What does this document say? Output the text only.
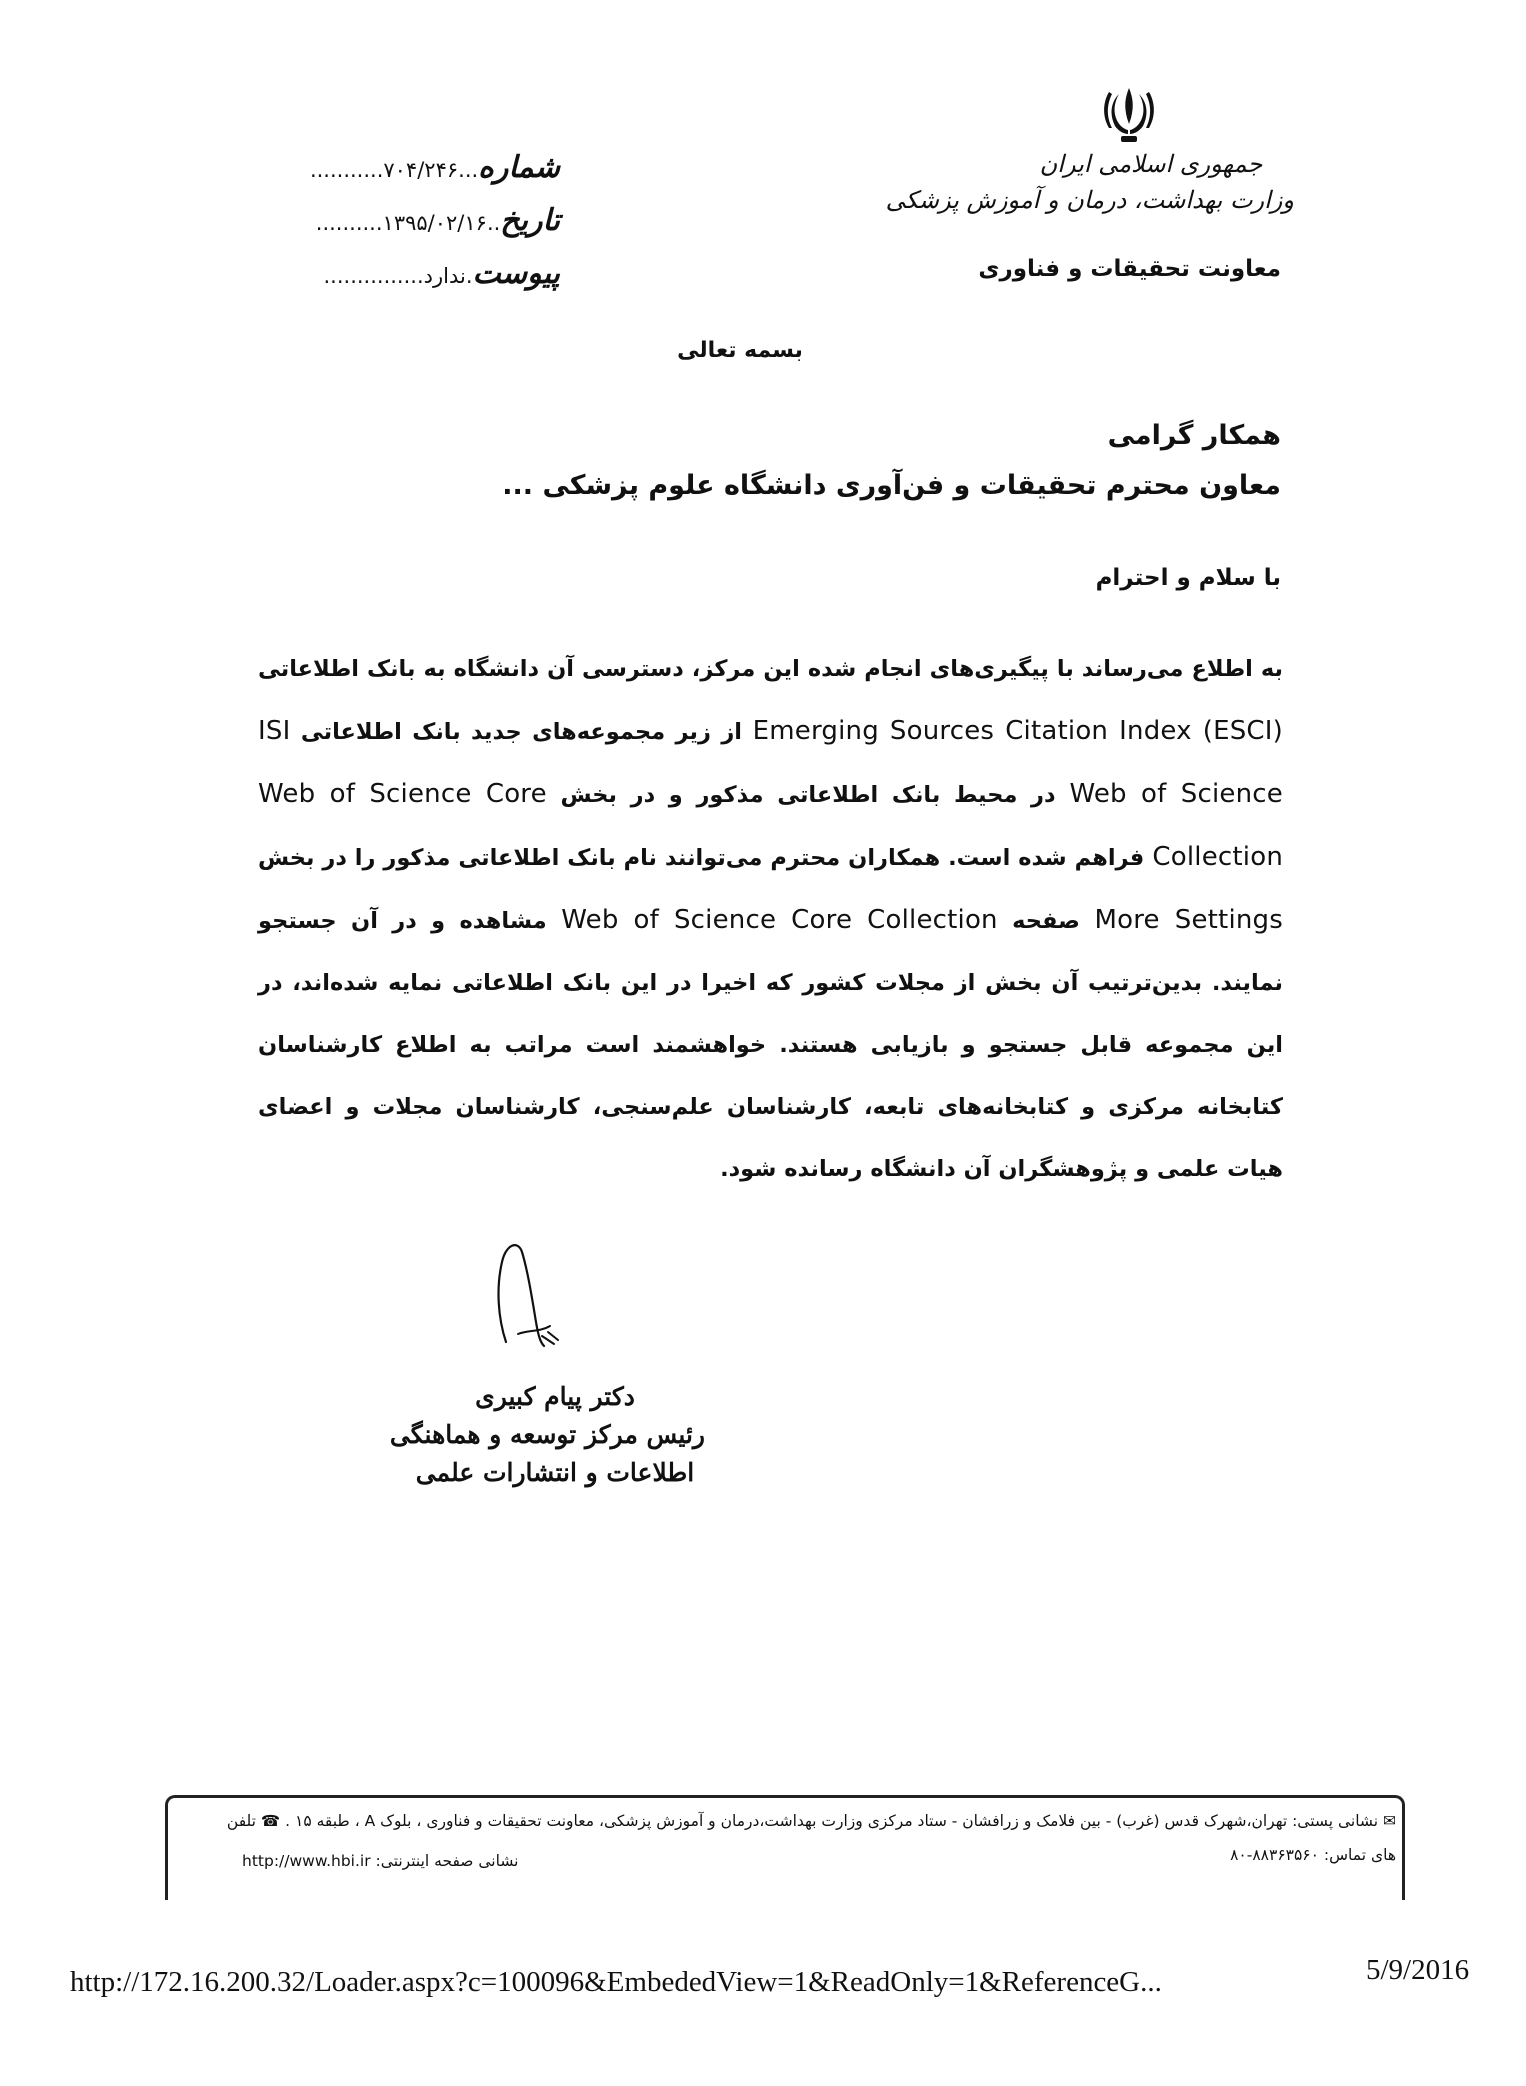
جمهوری اسلامی ایران
وزارت بهداشت، درمان و آموزش پزشکی
معاونت تحقیقات و فناوری
شماره...۷۰۴/۲۴۶...........
تاریخ..۱۳۹۵/۰۲/۱۶..........
پیوست.ندارد...............
بسمه تعالی
همکار گرامی
معاون محترم تحقیقات و فن‌آوری دانشگاه علوم پزشکی ...
با سلام و احترام
به اطلاع می‌رساند با پیگیری‌های انجام شده این مرکز، دسترسی آن دانشگاه به بانک اطلاعاتی Emerging Sources Citation Index (ESCI) از زیر مجموعه‌های جدید بانک اطلاعاتی ISI Web of Science در محیط بانک اطلاعاتی مذکور و در بخش Web of Science Core Collection فراهم شده است. همکاران محترم می‌توانند نام بانک اطلاعاتی مذکور را در بخش More Settings صفحه Web of Science Core Collection مشاهده و در آن جستجو نمایند. بدین‌ترتیب آن بخش از مجلات کشور که اخیرا در این بانک اطلاعاتی نمایه شده‌اند، در این مجموعه قابل جستجو و بازیابی هستند. خواهشمند است مراتب به اطلاع کارشناسان کتابخانه مرکزی و کتابخانه‌های تابعه، کارشناسان علم‌سنجی، کارشناسان مجلات و اعضای هیات علمی و پژوهشگران آن دانشگاه رسانده شود.
دکتر پیام کبیری
رئیس مرکز توسعه و هماهنگی
اطلاعات و انتشارات علمی
✉ نشانی پستی: تهران،شهرک قدس (غرب) - بین فلامک و زرافشان - ستاد مرکزی وزارت بهداشت،درمان و آموزش پزشکی، معاونت تحقیقات و فناوری ، بلوک A ، طبقه ۱۵ . ☎ تلفن
های تماس: ۸۸۳۶۳۵۶۰-۸۰
نشانی صفحه اینترنتی: http://www.hbi.ir
http://172.16.200.32/Loader.aspx?c=100096&EmbededView=1&ReadOnly=1&ReferenceG...	5/9/2016
